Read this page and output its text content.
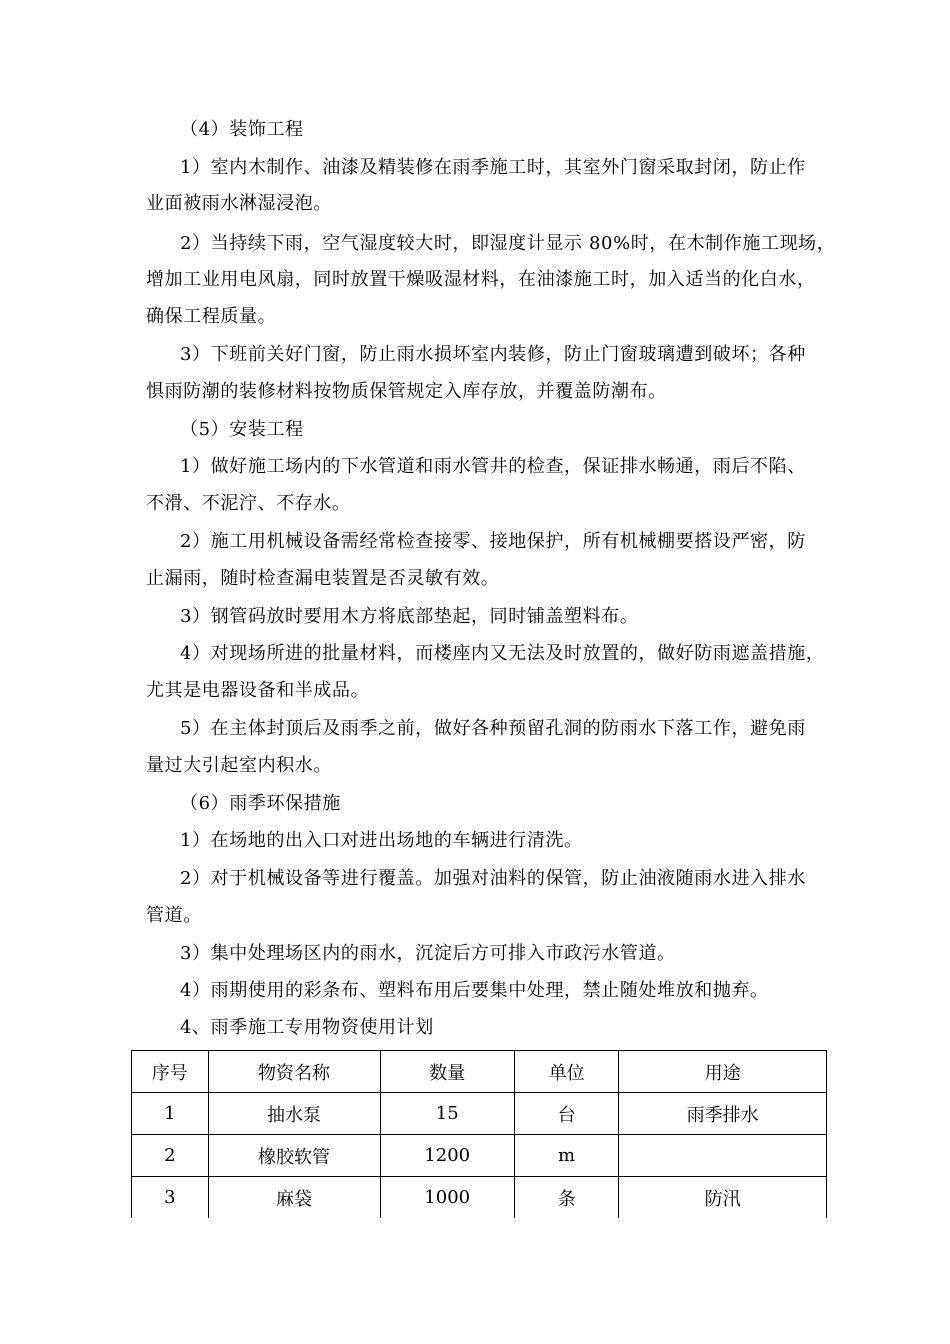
（4）装饰工程
1）室内木制作、油漆及精装修在雨季施工时，其室外门窗采取封闭，防止作
业面被雨水淋湿浸泡。
2）当持续下雨，空气湿度较大时，即湿度计显示 80%时，在木制作施工现场，
增加工业用电风扇，同时放置干燥吸湿材料，在油漆施工时，加入适当的化白水，
确保工程质量。
3）下班前关好门窗，防止雨水损坏室内装修，防止门窗玻璃遭到破坏；各种
惧雨防潮的装修材料按物质保管规定入库存放，并覆盖防潮布。
（5）安装工程
1）做好施工场内的下水管道和雨水管井的检查，保证排水畅通，雨后不陷、
不滑、不泥泞、不存水。
2）施工用机械设备需经常检查接零、接地保护，所有机械棚要搭设严密，防
止漏雨，随时检查漏电装置是否灵敏有效。
3）钢管码放时要用木方将底部垫起，同时铺盖塑料布。
4）对现场所进的批量材料，而楼座内又无法及时放置的，做好防雨遮盖措施，
尤其是电器设备和半成品。
5）在主体封顶后及雨季之前，做好各种预留孔洞的防雨水下落工作，避免雨
量过大引起室内积水。
（6）雨季环保措施
1）在场地的出入口对进出场地的车辆进行清洗。
2）对于机械设备等进行覆盖。加强对油料的保管，防止油液随雨水进入排水
管道。
3）集中处理场区内的雨水，沉淀后方可排入市政污水管道。
4）雨期使用的彩条布、塑料布用后要集中处理，禁止随处堆放和抛弃。
4、雨季施工专用物资使用计划
序号	物资名称	数量	单位	用途
1	抽水泵	15	台	雨季排水
2	橡胶软管	1200	m	
3	麻袋	1000	条	防汛
